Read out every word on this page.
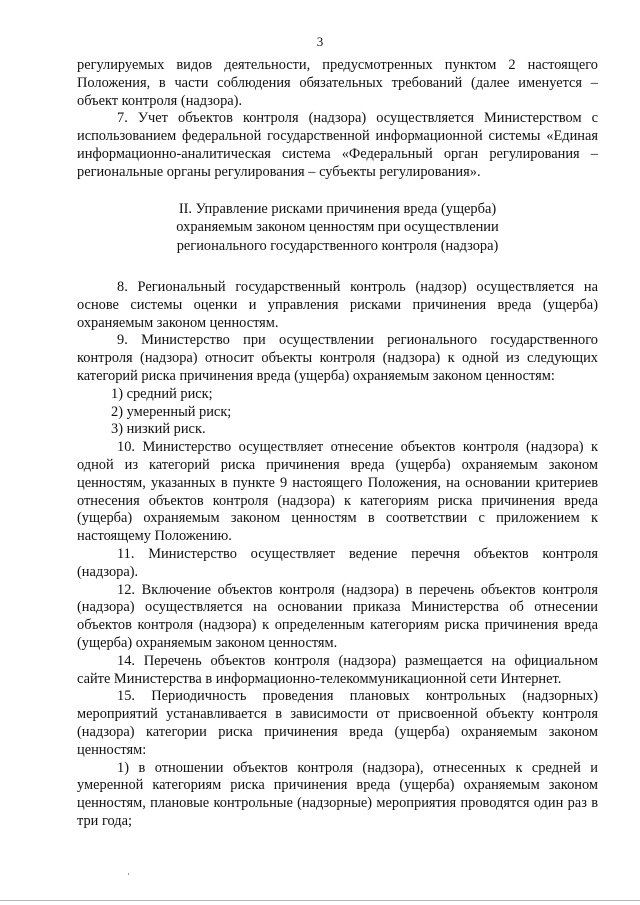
3

регулируемых видов деятельности, предусмотренных пунктом 2 настоящего Положения, в части соблюдения обязательных требований (далее именуется – объект контроля (надзора).

7. Учет объектов контроля (надзора) осуществляется Министерством с использованием федеральной государственной информационной системы «Единая информационно-аналитическая система «Федеральный орган регулирования – региональные органы регулирования – субъекты регулирования».

II. Управление рисками причинения вреда (ущерба)
охраняемым законом ценностям при осуществлении
регионального государственного контроля (надзора)

8. Региональный государственный контроль (надзор) осуществляется на основе системы оценки и управления рисками причинения вреда (ущерба) охраняемым законом ценностям.

9. Министерство при осуществлении регионального государственного контроля (надзора) относит объекты контроля (надзора) к одной из следующих категорий риска причинения вреда (ущерба) охраняемым законом ценностям:

1) средний риск;

2) умеренный риск;

3) низкий риск.

10. Министерство осуществляет отнесение объектов контроля (надзора) к одной из категорий риска причинения вреда (ущерба) охраняемым законом ценностям, указанных в пункте 9 настоящего Положения, на основании критериев отнесения объектов контроля (надзора) к категориям риска причинения вреда (ущерба) охраняемым законом ценностям в соответствии с приложением к настоящему Положению.

11. Министерство осуществляет ведение перечня объектов контроля (надзора).

12. Включение объектов контроля (надзора) в перечень объектов контроля (надзора) осуществляется на основании приказа Министерства об отнесении объектов контроля (надзора) к определенным категориям риска причинения вреда (ущерба) охраняемым законом ценностям.

14. Перечень объектов контроля (надзора) размещается на официальном сайте Министерства в информационно-телекоммуникационной сети Интернет.

15. Периодичность проведения плановых контрольных (надзорных) мероприятий устанавливается в зависимости от присвоенной объекту контроля (надзора) категории риска причинения вреда (ущерба) охраняемым законом ценностям:

1) в отношении объектов контроля (надзора), отнесенных к средней и умеренной категориям риска причинения вреда (ущерба) охраняемым законом ценностям, плановые контрольные (надзорные) мероприятия проводятся один раз в три года;
